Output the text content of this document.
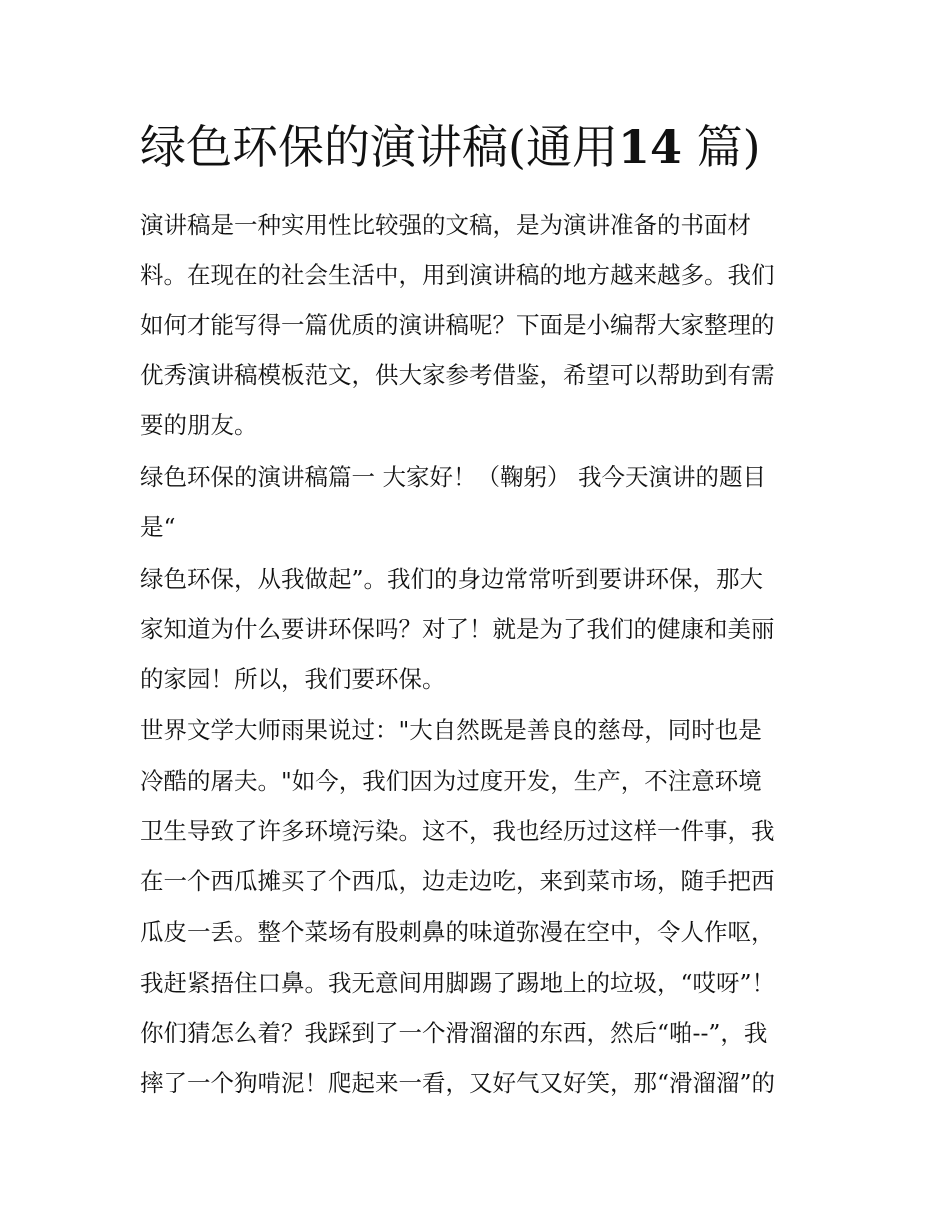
绿色环保的演讲稿(通用14 篇)

演讲稿是一种实用性比较强的文稿，是为演讲准备的书面材

料。在现在的社会生活中，用到演讲稿的地方越来越多。我们

如何才能写得一篇优质的演讲稿呢？下面是小编帮大家整理的

优秀演讲稿模板范文，供大家参考借鉴，希望可以帮助到有需

要的朋友。

绿色环保的演讲稿篇一 大家好！（鞠躬） 我今天演讲的题目

是“

绿色环保，从我做起”。我们的身边常常听到要讲环保，那大

家知道为什么要讲环保吗？对了！就是为了我们的健康和美丽

的家园！所以，我们要环保。

世界文学大师雨果说过："大自然既是善良的慈母，同时也是

冷酷的屠夫。"如今，我们因为过度开发，生产，不注意环境

卫生导致了许多环境污染。这不，我也经历过这样一件事，我

在一个西瓜摊买了个西瓜，边走边吃，来到菜市场，随手把西

瓜皮一丢。整个菜场有股刺鼻的味道弥漫在空中，令人作呕，

我赶紧捂住口鼻。我无意间用脚踢了踢地上的垃圾，“哎呀”！

你们猜怎么着？我踩到了一个滑溜溜的东西，然后“啪--”，我

摔了一个狗啃泥！爬起来一看，又好气又好笑，那“滑溜溜”的
